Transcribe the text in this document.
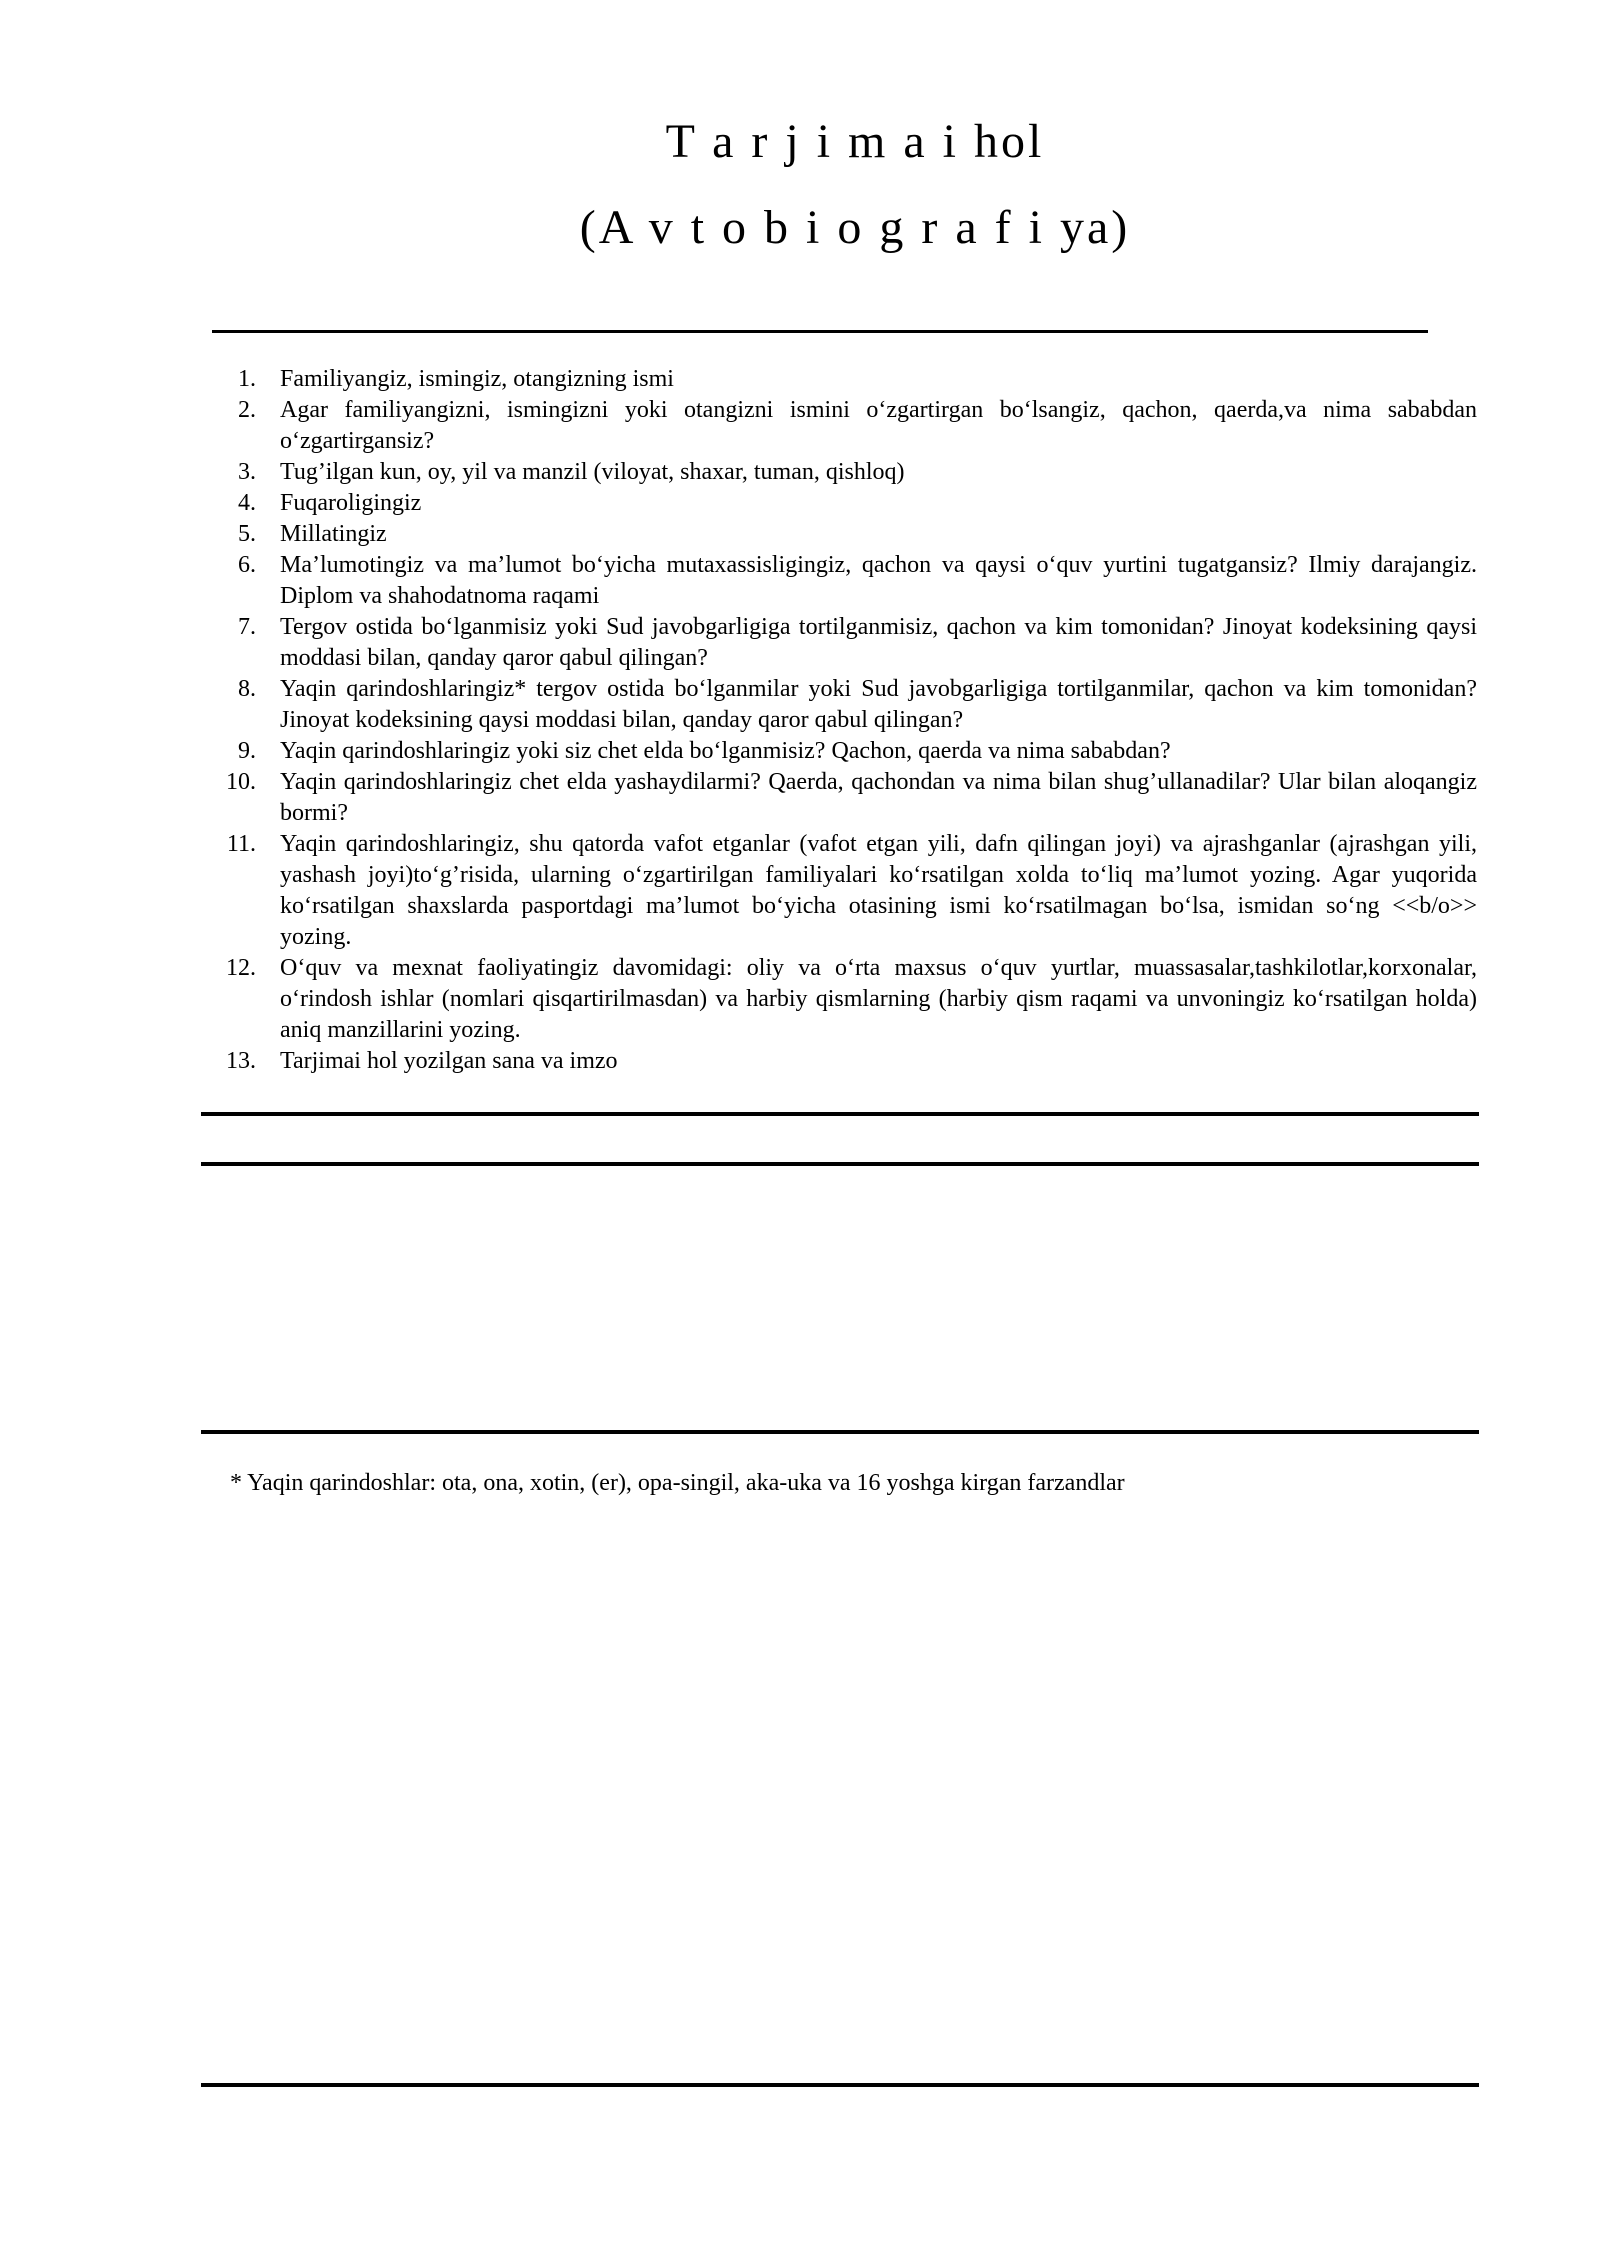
T a r j i m a i hol
(A v t o b i o g r a f i ya)
1. Familiyangiz, ismingiz, otangizning ismi
2. Agar familiyangizni, ismingizni yoki otangizni ismini o‘zgartirgan bo‘lsangiz, qachon, qaerda,va nima sababdan o‘zgartirgansiz?
3. Tug’ilgan kun, oy, yil va manzil (viloyat, shaxar, tuman, qishloq)
4. Fuqaroligingiz
5. Millatingiz
6. Ma’lumotingiz va ma’lumot bo‘yicha mutaxassisligingiz, qachon va qaysi o‘quv yurtini tugatgansiz? Ilmiy darajangiz. Diplom va shahodatnoma raqami
7. Tergov ostida bo‘lganmisiz yoki Sud javobgarligiga tortilganmisiz, qachon va kim tomonidan? Jinoyat kodeksining qaysi moddasi bilan, qanday qaror qabul qilingan?
8. Yaqin qarindoshlaringiz* tergov ostida bo‘lganmilar yoki Sud javobgarligiga tortilganmilar, qachon va kim tomonidan? Jinoyat kodeksining qaysi moddasi bilan, qanday qaror qabul qilingan?
9. Yaqin qarindoshlaringiz yoki siz chet elda bo‘lganmisiz? Qachon, qaerda va nima sababdan?
10. Yaqin qarindoshlaringiz chet elda yashaydilarmi? Qaerda, qachondan va nima bilan shug’ullanadilar? Ular bilan aloqangiz bormi?
11. Yaqin qarindoshlaringiz, shu qatorda vafot etganlar (vafot etgan yili, dafn qilingan joyi) va ajrashganlar (ajrashgan yili, yashash joyi)to‘g’risida, ularning o‘zgartirilgan familiyalari ko‘rsatilgan xolda to‘liq ma’lumot yozing. Agar yuqorida ko‘rsatilgan shaxslarda pasportdagi ma’lumot bo‘yicha otasining ismi ko‘rsatilmagan bo‘lsa, ismidan so‘ng <<b/o>> yozing.
12. O‘quv va mexnat faoliyatingiz davomidagi: oliy va o‘rta maxsus o‘quv yurtlar, muassasalar,tashkilotlar,korxonalar, o‘rindosh ishlar (nomlari qisqartirilmasdan) va harbiy qismlarning (harbiy qism raqami va unvoningiz ko‘rsatilgan holda) aniq manzillarini yozing.
13. Tarjimai hol yozilgan sana va imzo

* Yaqin qarindoshlar: ota, ona, xotin, (er), opa-singil, aka-uka va 16 yoshga kirgan farzandlar
